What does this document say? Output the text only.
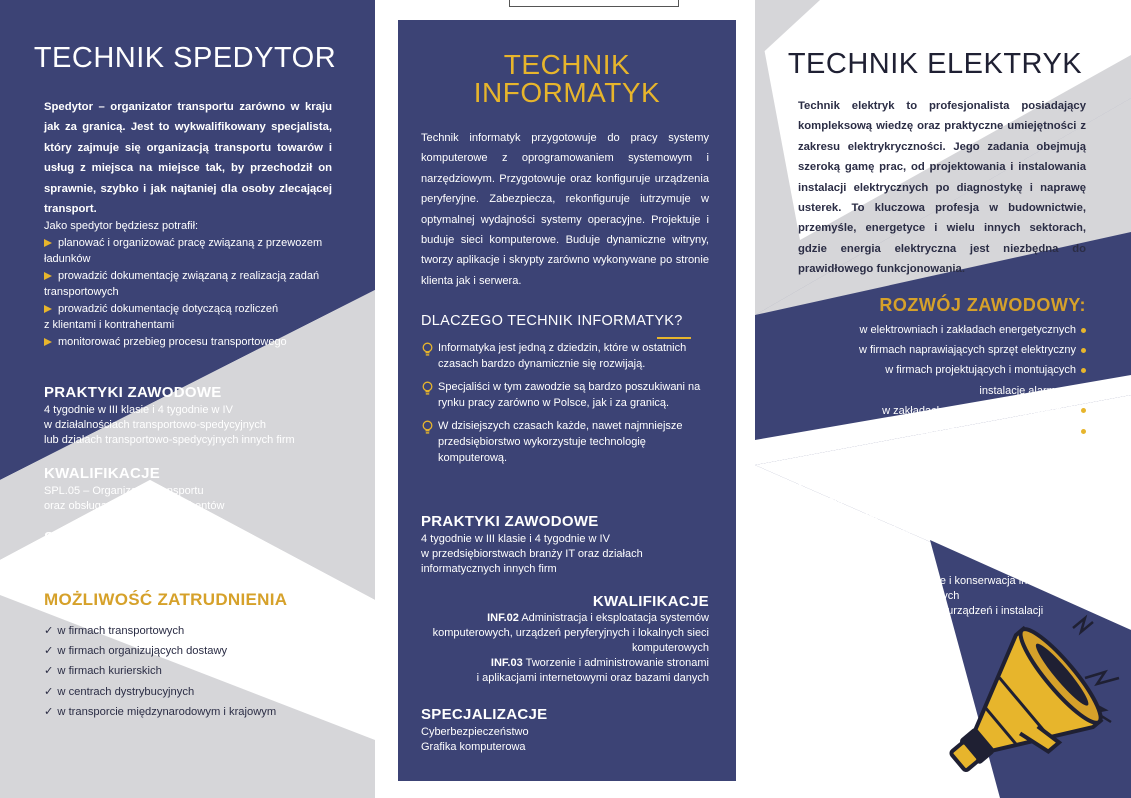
TECHNIK SPEDYTOR
Spedytor – organizator transportu zarówno w kraju jak za granicą. Jest to wykwalifikowany specjalista, który zajmuje się organizacją transportu towarów i usług z miejsca na miejsce tak, by przechodził on sprawnie, szybko i jak najtaniej dla osoby zlecającej transport.
Jako spedytor będziesz potrafił:
planować i organizować pracę związaną z przewozem
ładunków
prowadzić dokumentację związaną z realizacją zadań
transportowych
prowadzić dokumentację dotyczącą rozliczeń
z klientami i kontrahentami
monitorować przebieg procesu transportowego
PRAKTYKI ZAWODOWE
4 tygodnie w III klasie i 4 tygodnie w IV
w działalnościach transportowo-spedycyjnych
lub działach transportowo-spedycyjnych innych firm
KWALIFIKACJE
SPL.05 – Organizacja transportu
oraz obsługa klientów i kontrahentów
SPECJALIZACJA
Zarządzanie magazynem
MOŻLIWOŚĆ ZATRUDNIENIA
✓ w firmach transportowych
✓ w firmach organizujących dostawy
✓ w firmach kurierskich
✓ w centrach dystrybucyjnych
✓ w transporcie międzynarodowym i krajowym
TECHNIK
INFORMATYK
Technik informatyk przygotowuje do pracy systemy komputerowe z oprogramowaniem systemowym i narzędziowym. Przygotowuje oraz konfiguruje urządzenia peryferyjne. Zabezpiecza, rekonfiguruje iutrzymuje w optymalnej wydajności systemy operacyjne. Projektuje i buduje sieci komputerowe. Buduje dynamiczne witryny, tworzy aplikacje i skrypty zarówno wykonywane po stronie klienta jak i serwera.
DLACZEGO TECHNIK INFORMATYK?
Informatyka jest jedną z dziedzin, które w ostatnich czasach bardzo dynamicznie się rozwijają.
Specjaliści w tym zawodzie są bardzo poszukiwani na rynku pracy zarówno w Polsce, jak i za granicą.
W dzisiejszych czasach każde, nawet najmniejsze przedsiębiorstwo wykorzystuje technologię komputerową.
PRAKTYKI ZAWODOWE
4 tygodnie w III klasie i 4 tygodnie w IV
w przedsiębiorstwach branży IT oraz działach
informatycznych innych firm
KWALIFIKACJE
INF.02 Administracja i eksploatacja systemów
komputerowych, urządzeń peryferyjnych i lokalnych sieci
komputerowych
INF.03 Tworzenie i administrowanie stronami
i aplikacjami internetowymi oraz bazami danych
SPECJALIZACJE
Cyberbezpieczeństwo
Grafika komputerowa
TECHNIK ELEKTRYK
Technik elektryk to profesjonalista posiadający kompleksową wiedzę oraz praktyczne umiejętności z zakresu elektrykryczności. Jego zadania obejmują szeroką gamę prac, od projektowania i instalowania instalacji elektrycznych po diagnostykę i naprawę usterek. To kluczowa profesja w budownictwie, przemyśle, energetyce i wielu innych sektorach, gdzie energia elektryczna jest niezbędna do prawidłowego funkcjonowania.
ROZWÓJ ZAWODOWY:
w elektrowniach i zakładach energetycznych
w firmach naprawiających sprzęt elektryczny
w firmach projektujących i montujących
instalacje alarmowe
w zakładach usługowych i naprawczych
w firmach handlowych zajmujących się sprzedażą
osprzętu elektrycznego
PRAKTYKI ZAWODOWE
4 tygodnie w III klasie i 4 tygodnie w IV
w przedsiębiorstwach branży elektrycznej lub działach
elektrycznych innych firm
KWALIFIKACJE
ELE.02 Montaż, uruchamianie i konserwacja instalacji,
maszyn i urządzeń elektrycznych
ELE.05 Eksploatacja maszyn, urządzeń i instalacji
elektrycznych
SPECJALIZACJA
Inteligentne instalacje elektryczne
